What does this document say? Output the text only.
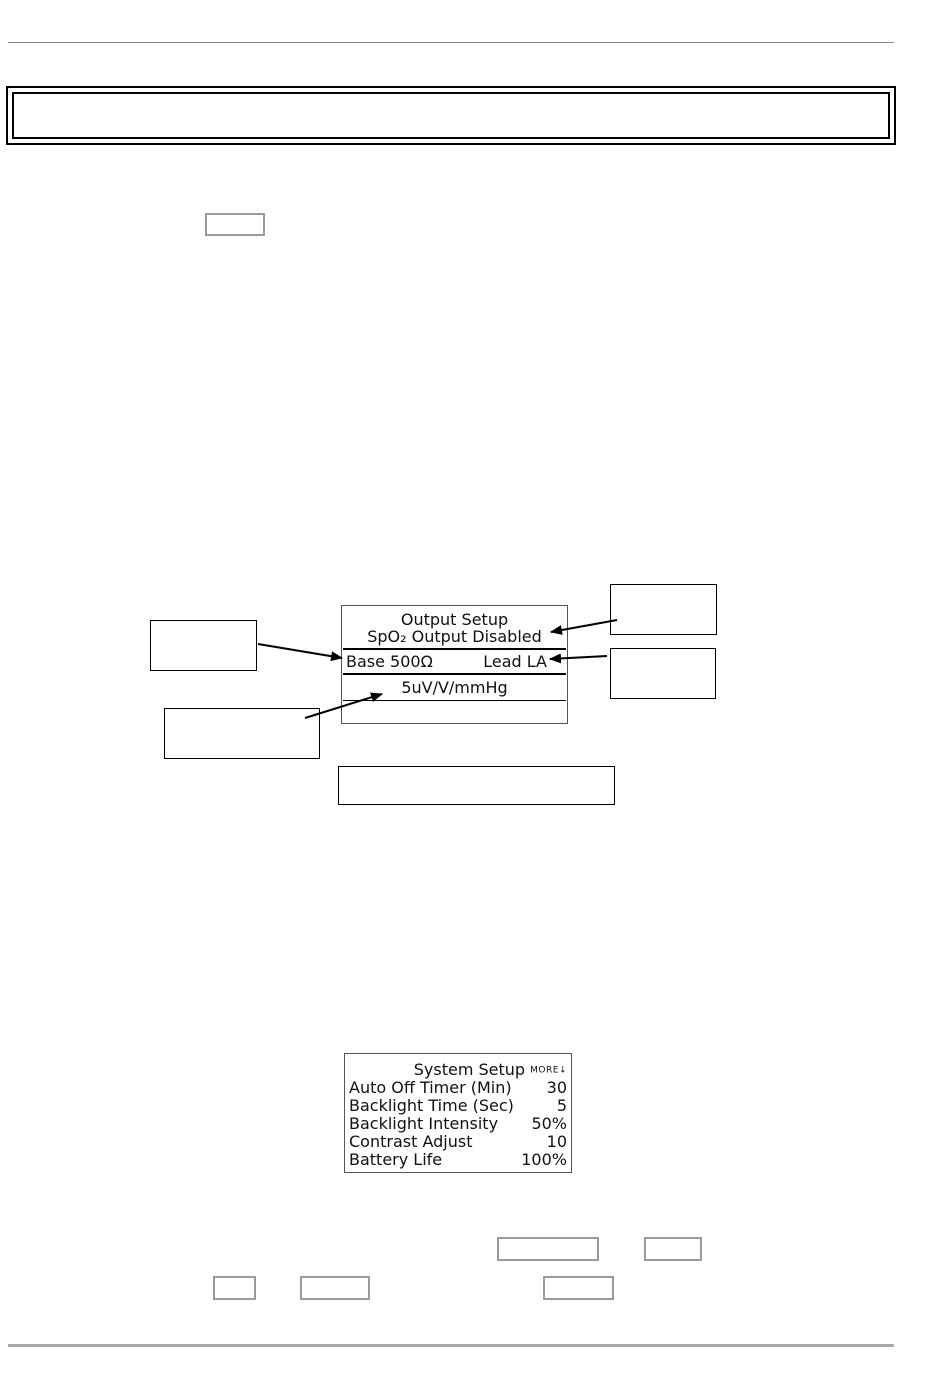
Output Setup
SpO₂ Output Disabled
Base 500Ω	Lead LA
5uV/V/mmHg
System Setup MORE↓
Auto Off Timer (Min) 30
Backlight Time (Sec)	5
Backlight Intensity 50%
Contrast Adjust	10
Battery Life	100%
